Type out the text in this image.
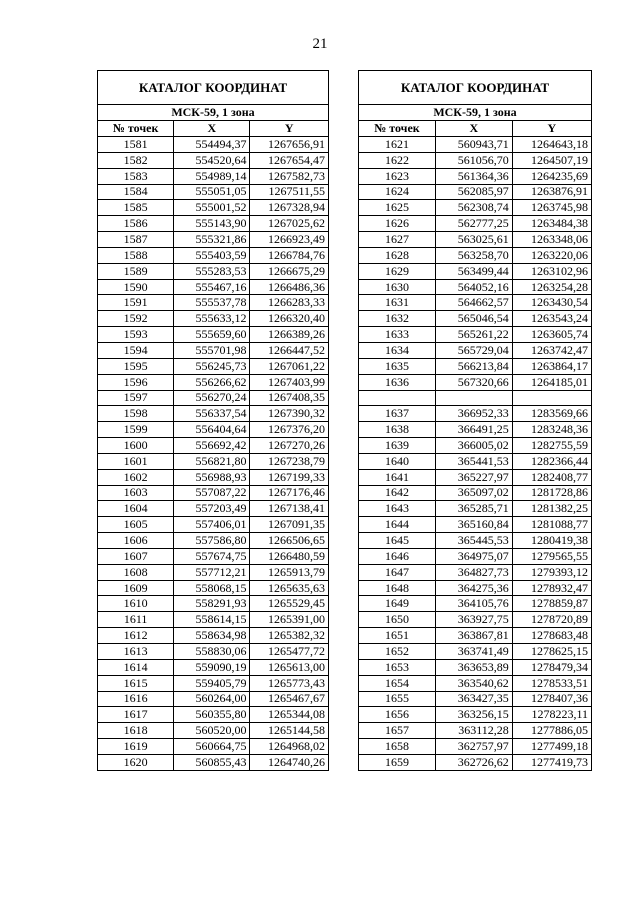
21
КАТАЛОГ КООРДИНАТ		
МСК-59, 1 зона		
№ точек	X	Y
1581	554494,37	1267656,91
1582	554520,64	1267654,47
1583	554989,14	1267582,73
1584	555051,05	1267511,55
1585	555001,52	1267328,94
1586	555143,90	1267025,62
1587	555321,86	1266923,49
1588	555403,59	1266784,76
1589	555283,53	1266675,29
1590	555467,16	1266486,36
1591	555537,78	1266283,33
1592	555633,12	1266320,40
1593	555659,60	1266389,26
1594	555701,98	1266447,52
1595	556245,73	1267061,22
1596	556266,62	1267403,99
1597	556270,24	1267408,35
1598	556337,54	1267390,32
1599	556404,64	1267376,20
1600	556692,42	1267270,26
1601	556821,80	1267238,79
1602	556988,93	1267199,33
1603	557087,22	1267176,46
1604	557203,49	1267138,41
1605	557406,01	1267091,35
1606	557586,80	1266506,65
1607	557674,75	1266480,59
1608	557712,21	1265913,79
1609	558068,15	1265635,63
1610	558291,93	1265529,45
1611	558614,15	1265391,00
1612	558634,98	1265382,32
1613	558830,06	1265477,72
1614	559090,19	1265613,00
1615	559405,79	1265773,43
1616	560264,00	1265467,67
1617	560355,80	1265344,08
1618	560520,00	1265144,58
1619	560664,75	1264968,02
1620	560855,43	1264740,26
КАТАЛОГ КООРДИНАТ		
МСК-59, 1 зона		
№ точек	X	Y
1621	560943,71	1264643,18
1622	561056,70	1264507,19
1623	561364,36	1264235,69
1624	562085,97	1263876,91
1625	562308,74	1263745,98
1626	562777,25	1263484,38
1627	563025,61	1263348,06
1628	563258,70	1263220,06
1629	563499,44	1263102,96
1630	564052,16	1263254,28
1631	564662,57	1263430,54
1632	565046,54	1263543,24
1633	565261,22	1263605,74
1634	565729,04	1263742,47
1635	566213,84	1263864,17
1636	567320,66	1264185,01

1637	366952,33	1283569,66
1638	366491,25	1283248,36
1639	366005,02	1282755,59
1640	365441,53	1282366,44
1641	365227,97	1282408,77
1642	365097,02	1281728,86
1643	365285,71	1281382,25
1644	365160,84	1281088,77
1645	365445,53	1280419,38
1646	364975,07	1279565,55
1647	364827,73	1279393,12
1648	364275,36	1278932,47
1649	364105,76	1278859,87
1650	363927,75	1278720,89
1651	363867,81	1278683,48
1652	363741,49	1278625,15
1653	363653,89	1278479,34
1654	363540,62	1278533,51
1655	363427,35	1278407,36
1656	363256,15	1278223,11
1657	363112,28	1277886,05
1658	362757,97	1277499,18
1659	362726,62	1277419,73
